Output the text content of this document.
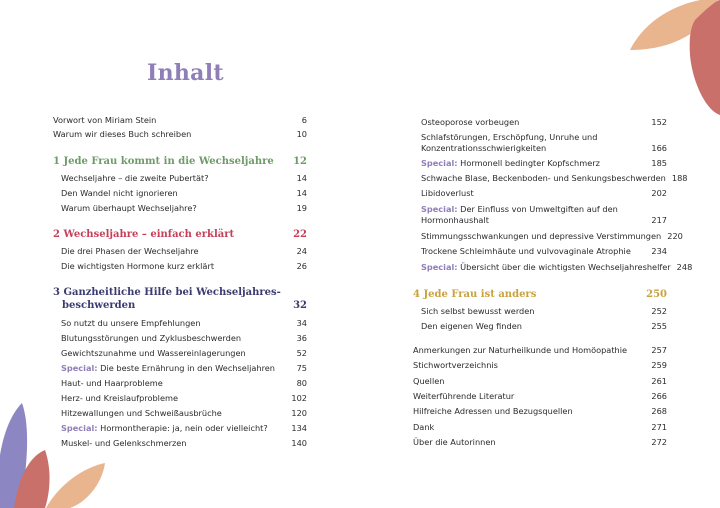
Inhalt
Vorwort von Miriam Stein	6
Warum wir dieses Buch schreiben	10
1 Jede Frau kommt in die Wechseljahre 12
Wechseljahre – die zweite Pubertät?	14
Den Wandel nicht ignorieren	14
Warum überhaupt Wechseljahre?	19
2 Wechseljahre – einfach erklärt	22
Die drei Phasen der Wechseljahre	24
Die wichtigsten Hormone kurz erklärt	26
3 Ganzheitliche Hilfe bei Wechseljahres-
beschwerden	32
So nutzt du unsere Empfehlungen	34
Blutungsstörungen und Zyklusbeschwerden	36
Gewichtszunahme und Wassereinlagerungen	52
Special: Die beste Ernährung in den Wechseljahren	75
Haut- und Haarprobleme	80
Herz- und Kreislaufprobleme	102
Hitzewallungen und Schweißausbrüche	120
Special: Hormontherapie: ja, nein oder vielleicht?	134
Muskel- und Gelenkschmerzen	140
Osteoporose vorbeugen	152
Schlafstörungen, Erschöpfung, Unruhe und
Konzentrationsschwierigkeiten	166
Special: Hormonell bedingter Kopfschmerz	185
Schwache Blase, Beckenboden- und Senkungsbeschwerden 188
Libidoverlust	202
Special: Der Einfluss von Umweltgiften auf den
Hormonhaushalt	217
Stimmungsschwankungen und depressive Verstimmungen 220
Trockene Schleimhäute und vulvovaginale Atrophie 234
Special: Übersicht über die wichtigsten Wechseljahreshelfer 248
4 Jede Frau ist anders	250
Sich selbst bewusst werden	252
Den eigenen Weg finden	255
Anmerkungen zur Naturheilkunde und Homöopathie	257
Stichwortverzeichnis	259
Quellen	261
Weiterführende Literatur	266
Hilfreiche Adressen und Bezugsquellen	268
Dank	271
Über die Autorinnen	272
